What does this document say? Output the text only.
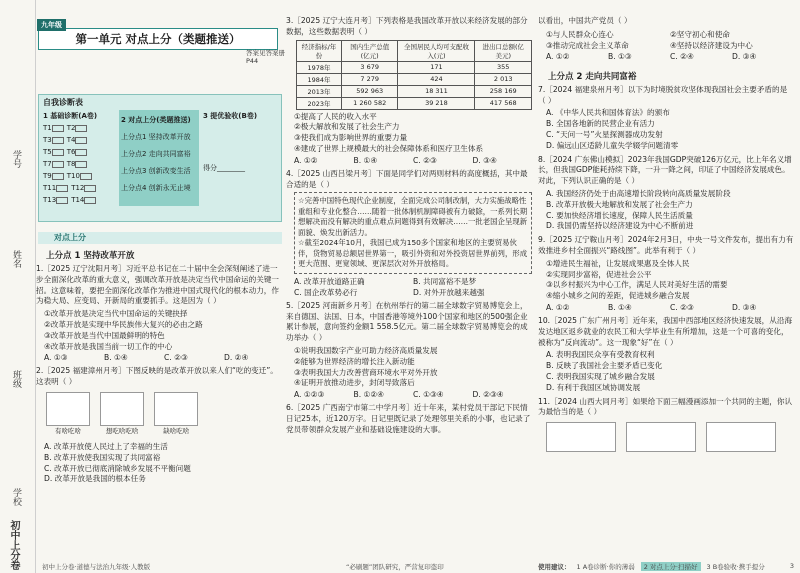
学号
姓名
班级
学校
初中上分卷
九年级
第一单元 对点上分（类题推送）
答案见答案册 P44
自我诊断表
1 基础诊断(A卷)
T1 T2
T3 T4
T5 T6
T7 T8
T9 T10
T11 T12
T13 T14
2 对点上分(类题推送)
上分点1 坚持改革开放
上分点2 走向共同富裕
上分点3 创新改变生活
上分点4 创新永无止境
3 提优验收(B卷)
得分________
对点上分
上分点 1 坚持改革开放
1.［2025 辽宁沈阳月考］习近平总书记在二十届中全会深刻阐述了进一步全面深化改革的重大意义，强调改革开放是决定当代中国命运的关键一招。这意味着，要把全面深化改革作为推进中国式现代化的根本动力，作为稳大局、应变局、开新局的重要抓手。这是因为（ ）
①改革开放是决定当代中国命运的关键抉择
②改革开放是实现中华民族伟大复兴的必由之路
③改革开放是当代中国最鲜明的特色
④改革开放是我国当前一切工作的中心
A. ①③	B. ①④	C. ②③	D. ②④
2.［2025 福建漳州月考］下图反映的是改革开放以来人们“吃的变迁”。这表明（ ）
有啥吃啥
	想吃啥吃啥
	缺啥吃啥
A. 改革开放使人民过上了幸福的生活
B. 改革开放使我国实现了共同富裕
C. 改革开放已彻底消除城乡发展不平衡问题
D. 改革开放是我国的根本任务
初中上分卷·道德与法治九年级·人教版
3.［2025 辽宁大连月考］下列表格是我国改革开放以来经济发展的部分数据，这些数据表明（ ）
经济指标/年份	国内生产总值(亿元)	全国居民人均可支配收入(元)	进出口总额(亿美元)
1978年	3 679	171	355
1984年	7 279	424	2 013
2013年	592 963	18 311	258 169
2023年	1 260 582	39 218	417 568
①提高了人民的收入水平
②极大解放和发展了社会生产力
③使我们成为影响世界的重要力量
④建成了世界上规模最大的社会保障体系和医疗卫生体系
A. ①②	B. ①④	C. ②③	D. ③④
4.［2025 山西吕梁月考］下面是同学们对两则材料的高度概括，其中最合适的是（ ）
☆完善中国特色现代企业制度，全面完成公司制改制，大力实施战略性重组和专业化整合……随着一批体制机制障碍被有力破除，一系列长期想解决而没有解决的重点难点问题得到有效解决……一批老国企呈现新面貌、焕发出新活力。
☆截至2024年10月，我国已成为150多个国家和地区的主要贸易伙伴，货物贸易总额居世界第一，吸引外资和对外投资居世界前列，形成更大范围、更宽领域、更深层次对外开放格局。
A. 改革开放道路正确	B. 共同富裕不是梦
C. 国企改革势必行	D. 对外开放越来越强
5.［2025 河南新乡月考］在杭州举行的第二届全球数字贸易博览会上，来自德国、法国、日本，中国香港等境外100个国家和地区的500强企业累计参展，意向签约金额1 558.5亿元。第二届全球数字贸易博览会的成功举办（ ）
①说明我国数字产业可助力经济高质量发展
②能够为世界经济的增长注入新动能
③表明我国大力改善营商环境水平对外开放
④证明开放推动进步，封闭导致落后
A. ①②③	B. ①②④	C. ①③④	D. ②③④
6.［2025 广西南宁市第二中学月考］近十年来，某村党员干部记下民情日记25本，近120万字。日记里既记录了处理邻里关系的小事，也记录了党员带领群众发展产业和基础设施建设的大事。
“必刷题”团队研究，严营复印盗印
以看出，中国共产党员（ ）
①与人民群众心连心	②坚守初心和使命
③推动完成社会主义革命	④坚持以经济建设为中心
A. ①②	B. ①③	C. ②④	D. ③④
上分点 2 走向共同富裕
7.［2024 福建泉州月考］以下为时境脱贫攻坚体现我国社会主要矛盾的是（ ）
A. 《中华人民共和国体育法》的颁布
B. 全国各地新的民营企业有活力
C. “天问一号”火星探测器成功发射
D. 偏远山区适龄儿童失学辍学问题清零
8.［2024 广东佛山模拟］2023年我国GDP突破126万亿元，比上年名义增长，但我国GDP能耗持续下降，一升一降之间，印证了中国经济发展成色。对此，下列认识正确的是（ ）
A. 我国经济仍处于由高速增长阶段转向高质量发展阶段
B. 改革开放极大地解放和发展了社会生产力
C. 要加快经济增长速度，保障人民生活质量
D. 我国仍需坚持以经济建设为中心不断前进
9.［2025 辽宁鞍山月考］2024年2月3日，中央一号文件发布，提出有力有效推进乡村全面振兴“路线图”。此举有利于（ ）
①增进民生福祉，让发展成果惠及全体人民
②实现同步富裕，促进社会公平
③以乡村振兴为中心工作，满足人民对美好生活的需要
④缩小城乡之间的差距，促进城乡融合发展
A. ①②	B. ①④	C. ②③	D. ③④
10.［2025 广东广州月考］近年来，我国中西部地区经济快速发展，从沿海发达地区返乡就业的农民工和大学毕业生有所增加，这是一个可喜的变化，被称为“反向流动”。这一现象“好”在（ ）
A. 表明我国民众享有受教育权利
B. 反映了我国社会主要矛盾已变化
C. 表明我国实现了城乡融合发展
D. 有利于我国区域协调发展
11.［2024 山西大同月考］如果给下面三幅漫画添加一个共同的主题，你认为最恰当的是（ ）

使用建议： 1 A卷诊断·你的薄弱	2 对点上分·扫描好	3 B卷验收·携手提分	3
